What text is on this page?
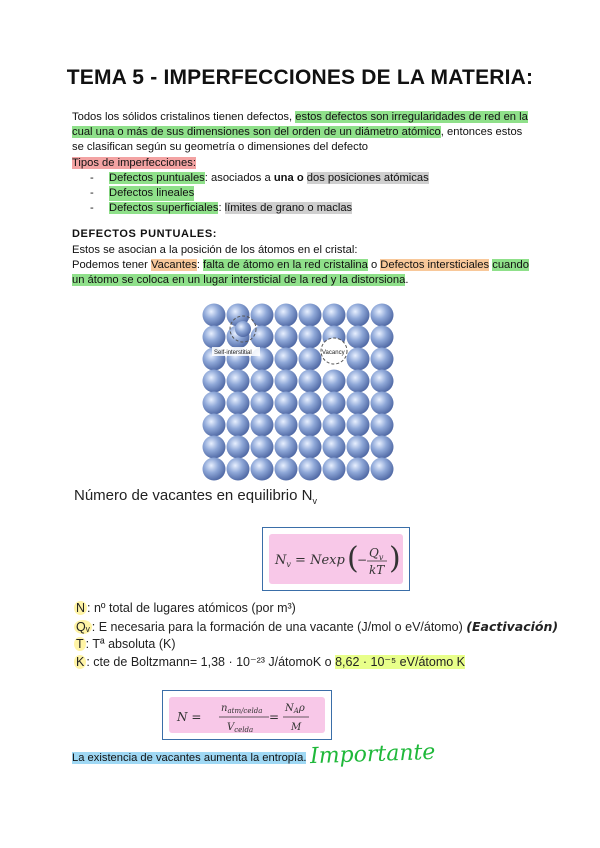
TEMA 5 - IMPERFECCIONES DE LA MATERIA:
Todos los sólidos cristalinos tienen defectos, estos defectos son irregularidades de red en la cual una o más de sus dimensiones son del orden de un diámetro atómico, entonces estos se clasifican según su geometría o dimensiones del defecto
Tipos de imperfecciones:
-	Defectos puntuales: asociados a una o dos posiciones atómicas
-	Defectos lineales
-	Defectos superficiales: límites de grano o maclas
DEFECTOS PUNTUALES:
Estos se asocian a la posición de los átomos en el cristal:
Podemos tener Vacantes: falta de átomo en la red cristalina o Defectos intersticiales cuando un átomo se coloca en un lugar intersticial de la red y la distorsiona.
Self-interstitial	Vacancy
Número de vacantes en equilibrio $N_v$
$N_v = Nexp$ (
− $Q_v$
kT )
N : nº total de lugares atómicos (por m³)
Qᵥ : E necesaria para la formación de una vacante (J/mol o eV/átomo) (Eactivación)
T : Tª absoluta (K)
K : cte de Boltzmann= 1,38 · 10⁻²³ J/átomoK o 8,62 · 10⁻⁵ eV/átomo K
N =
$n_{atm/celda}$
$V_{celda}$
=
$N_A\rho$
M
La existencia de vacantes aumenta la entropía. Importante
